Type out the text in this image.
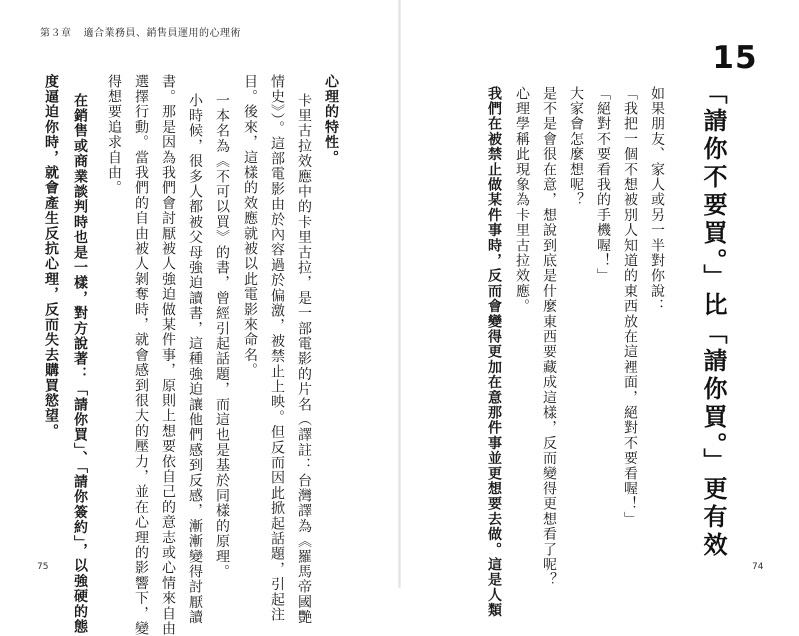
第３章 適合業務員、銷售員運用的心理術
心理的特性。
卡里古拉效應中的卡里古拉，是一部電影的片名（譯註：台灣譯為《羅馬帝國艷
情史》）。這部電影由於內容過於偏激，被禁止上映。但反而因此掀起話題，引起注
目。後來，這樣的效應就被以此電影來命名。
一本名為《不可以買》的書，曾經引起話題，而這也是基於同樣的原理。
小時候，很多人都被父母強迫讀書，這種強迫讓他們感到反感，漸漸變得討厭讀
書。那是因為我們會討厭被人強迫做某件事，原則上想要依自己的意志或心情來自由
選擇行動。當我們的自由被人剝奪時，就會感到很大的壓力，並在心理的影響下，變
得想要追求自由。
在銷售或商業談判時也是一樣，對方說著：「請你買」、「請你簽約」，以強硬的態
度逼迫你時，就會產生反抗心理，反而失去購買慾望。
75
15
「請你不要買。」比「請你買。」更有效
如果朋友、家人或另一半對你說：
「我把一個不想被別人知道的東西放在這裡面，絕對不要看喔！」
「絕對不要看我的手機喔！」
大家會怎麼想呢？
是不是會很在意，想說到底是什麼東西要藏成這樣，反而變得更想看了呢？
心理學稱此現象為卡里古拉效應。
我們在被禁止做某件事時，反而會變得更加在意那件事並更想要去做。這是人類	74
